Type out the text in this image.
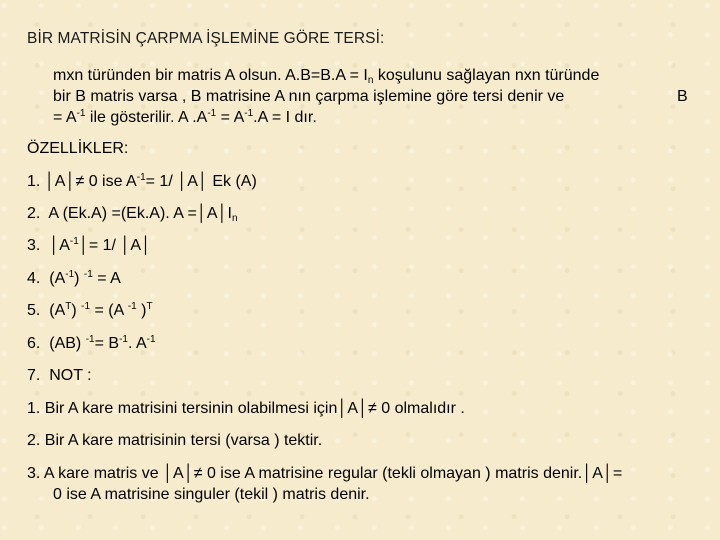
BİR MATRİSİN ÇARPMA İŞLEMİNE GÖRE TERSİ:
mxn türünden bir matris A olsun. $A.B=B.A = I_n$ koşulunu sağlayan nxn türünde
bir B matris varsa , B matrisine A nın çarpma işlemine göre tersi denir ve	B
= $A^{-1}$ ile gösterilir. A $.A^{-1} = A^{-1}.A = I$ dır.
ÖZELLİKLER:
1. │A│≠ 0 ise $A^{-1}= 1/$ │A│ Ek (A)
2. A (Ek.A) =(Ek.A). $A =│A│I_n$
3. $│A^{-1}│= 1/$ │A│
4. $(A^{-1}) ^{-1} = A$
5. $(A^T) ^{-1} = (A$ $^{-1}$ )$^T$
6. (AB) $^{-1}= B^{-1}$. $A^{-1}$
7. NOT :
1. Bir A kare matrisini tersinin olabilmesi için│A│≠ 0 olmalıdır .
2. Bir A kare matrisinin tersi (varsa ) tektir.
3. A kare matris ve │A│≠ 0 ise A matrisine regular (tekli olmayan ) matris denir.│A│=
0 ise A matrisine singuler (tekil ) matris denir.
